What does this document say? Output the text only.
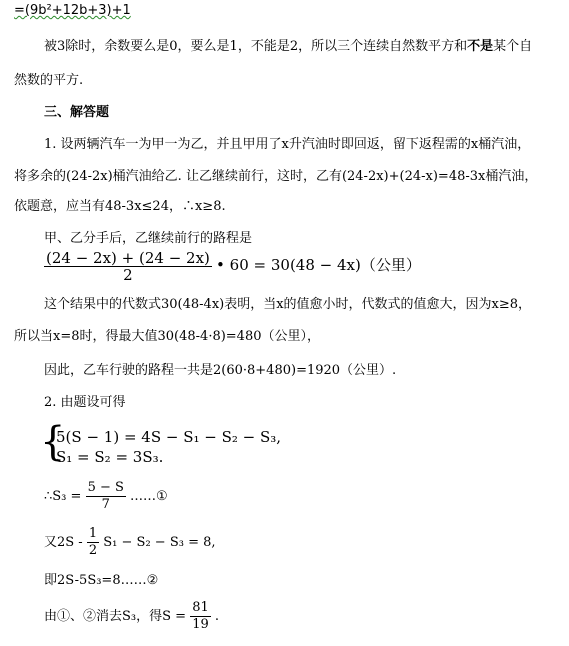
=(9b²+12b+3)+1
被3除时，余数要么是0，要么是1，不能是2，所以三个连续自然数平方和不是某个自
然数的平方.
三、解答题
1. 设两辆汽车一为甲一为乙，并且甲用了x升汽油时即回返，留下返程需的x桶汽油，
将多余的(24-2x)桶汽油给乙. 让乙继续前行，这时，乙有(24-2x)+(24-x)=48-3x桶汽油，
依题意，应当有48-3x≤24，∴x≥8.
甲、乙分手后，乙继续前行的路程是
$\frac{(24 - 2x) + (24 - 2x)}{2}$ • 60 = 30(48 − 4x)（公里）
这个结果中的代数式30(48-4x)表明，当x的值愈小时，代数式的值愈大，因为x≥8，
所以当x=8时，得最大值30(48-4·8)=480（公里），
因此，乙车行驶的路程一共是2(60·8+480)=1920（公里）.
2. 由题设可得
{
5(S − 1) = 4S − S₁ − S₂ − S₃,
S₁ = S₂ = 3S₃.
∴S₃ = $\frac{5 - S}{7}$ ……①
又$2S - \frac{1}{2} S_1 - S_2 - S_3 = 8$,
即2S-5S₃=8……②
由①、②消去S₃，得$S = \frac{81}{19}$ .
